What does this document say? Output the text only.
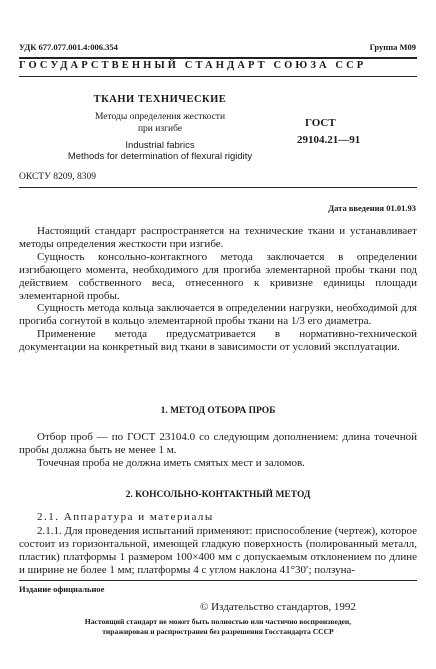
УДК 677.077.001.4:006.354	Группа М09
ГОСУДАРСТВЕННЫЙ СТАНДАРТ СОЮЗА ССР
ТКАНИ ТЕХНИЧЕСКИЕ
Методы определения жесткости
при изгибе
Industrial fabrics
Methods for determination of flexural rigidity
ГОСТ
29104.21—91
ОКСТУ 8209, 8309
Дата введения 01.01.93

Настоящий стандарт распространяется на технические ткани и устанавливает методы определения жесткости при изгибе.

Сущность консольно-контактного метода заключается в определении изгибающего момента, необходимого для прогиба элементарной пробы ткани под действием собственного веса, отнесенного к кривизне единицы площади элементарной пробы.

Сущность метода кольца заключается в определении нагрузки, необходимой для прогиба согнутой в кольцо элементарной пробы ткани на 1/3 его диаметра.

Применение метода предусматривается в нормативно-технической документации на конкретный вид ткани в зависимости от условий эксплуатации.

1. МЕТОД ОТБОРА ПРОБ

Отбор проб — по ГОСТ 23104.0 со следующим дополнением: длина точечной пробы должна быть не менее 1 м.

Точечная проба не должна иметь смятых мест и заломов.

2. КОНСОЛЬНО-КОНТАКТНЫЙ МЕТОД
2.1. Аппаратура и материалы

2.1.1. Для проведения испытаний применяют: приспособление (чертеж), которое состоит из горизонтальной, имеющей гладкую поверхность (полированный металл, пластик) платформы 1 размером 100×400 мм с допускаемым отклонением по длине и ширине не более 1 мм; платформы 4 с углом наклона 41°30′; ползуна-

Издание официальное
© Издательство стандартов, 1992
Настоящий стандарт не может быть полностью или частично воспроизведен,
тиражирован и распространен без разрешения Госстандарта СССР
